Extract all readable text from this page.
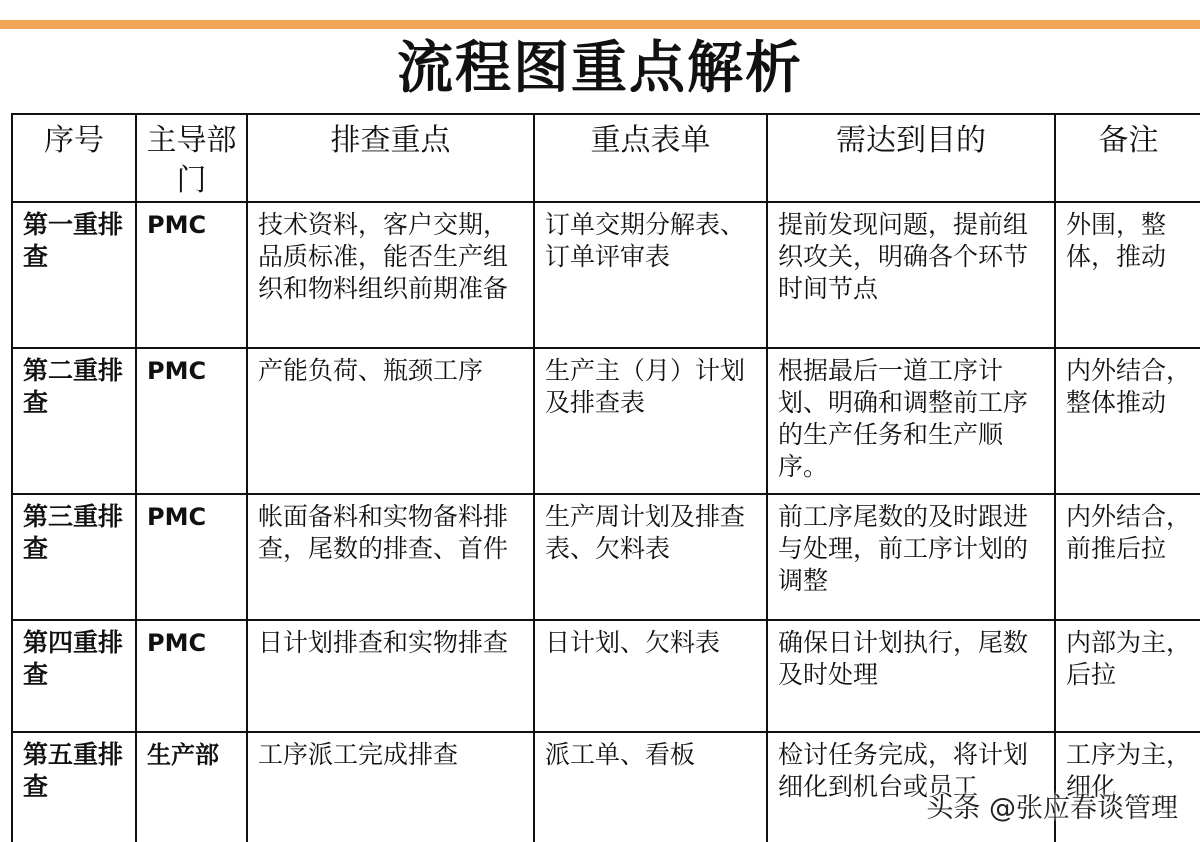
流程图重点解析
序号	主导部门	排查重点	重点表单	需达到目的	备注
第一重排查	PMC	技术资料，客户交期，品质标准，能否生产组织和物料组织前期准备	订单交期分解表、订单评审表	提前发现问题，提前组织攻关，明确各个环节时间节点	外围，整体，推动
第二重排查	PMC	产能负荷、瓶颈工序	生产主（月）计划及排查表	根据最后一道工序计划、明确和调整前工序的生产任务和生产顺序。	内外结合，整体推动
第三重排查	PMC	帐面备料和实物备料排查，尾数的排查、首件	生产周计划及排查表、欠料表	前工序尾数的及时跟进与处理，前工序计划的调整	内外结合，前推后拉
第四重排查	PMC	日计划排查和实物排查	日计划、欠料表	确保日计划执行，尾数及时处理	内部为主，后拉
第五重排查	生产部	工序派工完成排查	派工单、看板	检讨任务完成，将计划细化到机台或员工	工序为主，细化
头条 @张应春谈管理
